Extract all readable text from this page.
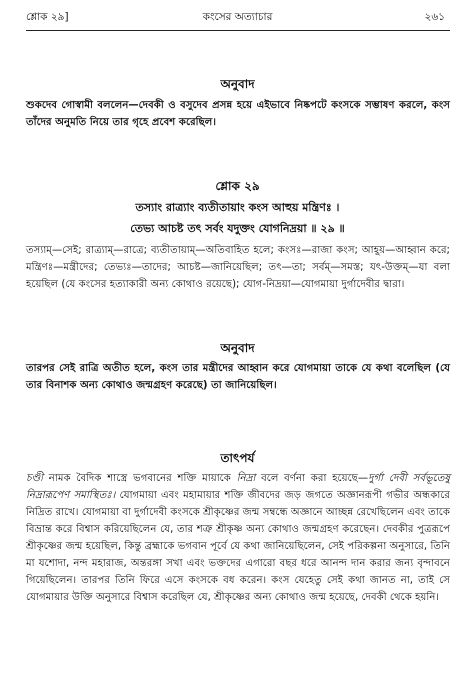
শ্লোক ২৯]	কংসের অত্যাচার	২৬১
অনুবাদ
শুকদেব গোস্বামী বললেন—দেবকী ও বসুদেব প্রসন্ন হয়ে এইভাবে নিষ্কপটে কংসকে সম্ভাষণ করলে, কংস তাঁদের অনুমতি নিয়ে তার গৃহে প্রবেশ করেছিল।
শ্লোক ২৯
তস্যাং রাত্র্যাং ব্যতীতায়াং কংস আহুয় মন্ত্রিণঃ ।
তেভ্য আচষ্ট তৎ সর্বং যদুক্তং যোগনিদ্রয়া ॥ ২৯ ॥
তস্যাম্—সেই; রাত্র্যাম্—রাত্রে; ব্যতীতায়াম্—অতিবাহিত হলে; কংসঃ—রাজা কংস; আহূয়—আহ্বান করে; মন্ত্রিণঃ—মন্ত্রীদের; তেভ্যঃ—তাদের; আচষ্ট—জানিয়েছিল; তৎ—তা; সর্বম্—সমস্ত; যৎ-উক্তম্—যা বলা হয়েছিল (যে কংসের হত্যাকারী অন্য কোথাও রয়েছে); যোগ-নিদ্রয়া—যোগমায়া দুর্গাদেবীর দ্বারা।
অনুবাদ
তারপর সেই রাত্রি অতীত হলে, কংস তার মন্ত্রীদের আহ্বান করে যোগমায়া তাকে যে কথা বলেছিল (যে তার বিনাশক অন্য কোথাও জন্মগ্রহণ করেছে) তা জানিয়েছিল।
তাৎপর্য
চণ্ডী নামক বৈদিক শাস্ত্রে ভগবানের শক্তি মায়াকে নিদ্রা বলে বর্ণনা করা হয়েছে—দুর্গা দেবী সর্বভূতেষু নিদ্রারূপেণ সমাস্থিতঃ। যোগমায়া এবং মহামায়ার শক্তি জীবদের জড় জগতে অজ্ঞানরূপী গভীর অন্ধকারে নিদ্রিত রাখে। যোগমায়া বা দুর্গাদেবী কংসকে শ্রীকৃষ্ণের জন্ম সম্বন্ধে অজ্ঞানে আচ্ছন্ন রেখেছিলেন এবং তাকে বিভ্রান্ত করে বিশ্বাস করিয়েছিলেন যে, তার শত্রু শ্রীকৃষ্ণ অন্য কোথাও জন্মগ্রহণ করেছেন। দেবকীর পুত্ররূপে শ্রীকৃষ্ণের জন্ম হয়েছিল, কিন্তু ব্রহ্মাকে ভগবান পূর্বে যে কথা জানিয়েছিলেন, সেই পরিকল্পনা অনুসারে, তিনি মা যশোদা, নন্দ মহারাজ, অন্তরঙ্গা সখা এবং ভক্তদের এগারো বছর ধরে আনন্দ দান করার জন্য বৃন্দাবনে গিয়েছিলেন। তারপর তিনি ফিরে এসে কংসকে বধ করেন। কংস যেহেতু সেই কথা জানত না, তাই সে যোগমায়ার উক্তি অনুসারে বিশ্বাস করেছিল যে, শ্রীকৃষ্ণের অন্য কোথাও জন্ম হয়েছে, দেবকী থেকে হয়নি।
